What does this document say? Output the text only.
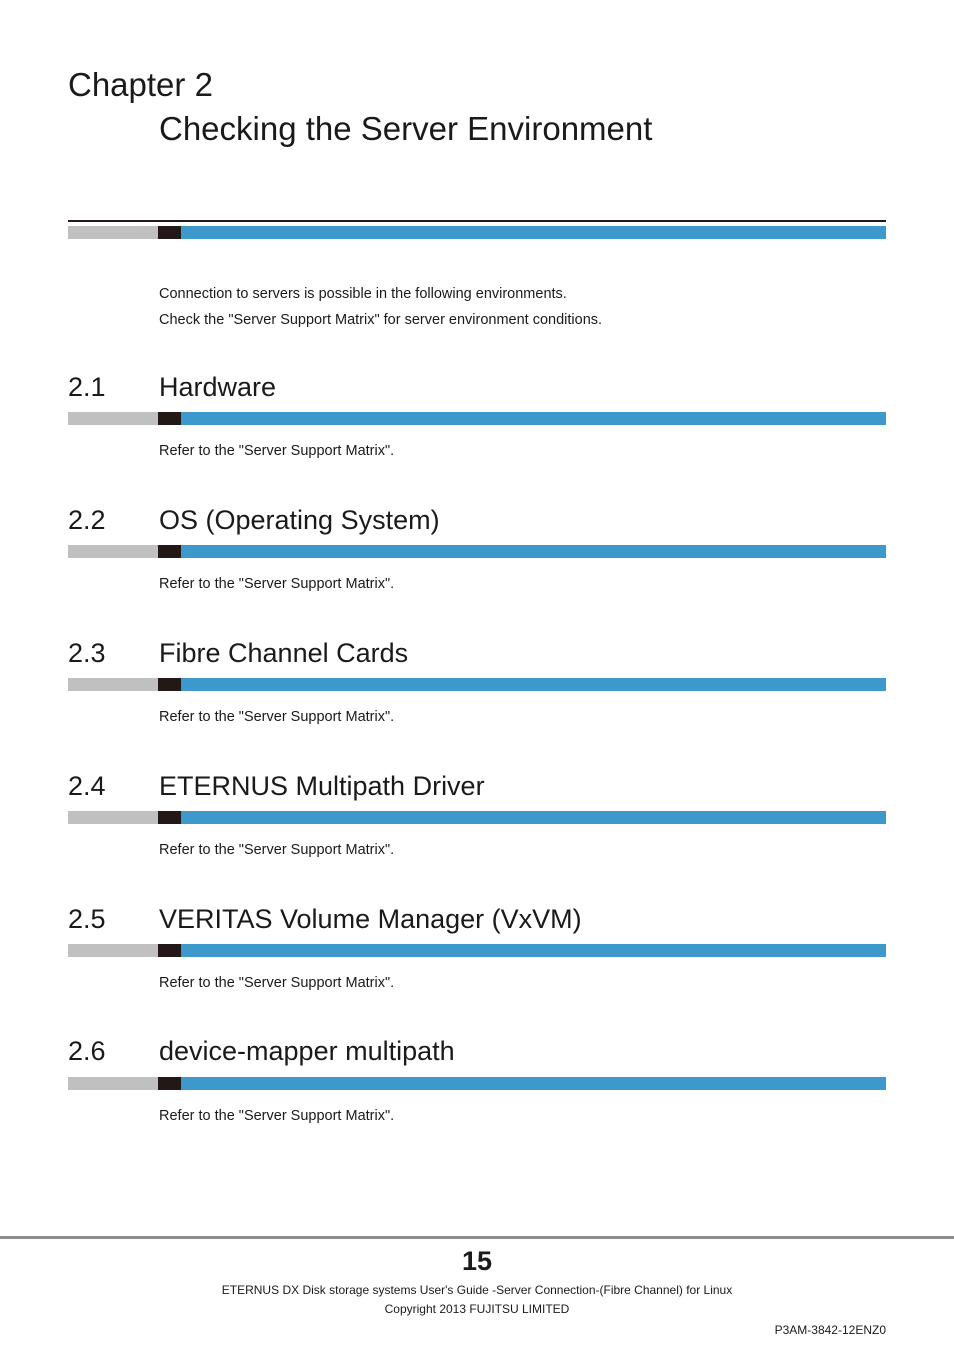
Chapter 2
Checking the Server Environment

Connection to servers is possible in the following environments.

Check the "Server Support Matrix" for server environment conditions.

2.1 Hardware
Refer to the "Server Support Matrix".
2.2 OS (Operating System)
Refer to the "Server Support Matrix".
2.3 Fibre Channel Cards
Refer to the "Server Support Matrix".
2.4 ETERNUS Multipath Driver
Refer to the "Server Support Matrix".
2.5 VERITAS Volume Manager (VxVM)
Refer to the "Server Support Matrix".
2.6 device-mapper multipath
Refer to the "Server Support Matrix".
15
ETERNUS DX Disk storage systems User's Guide -Server Connection-(Fibre Channel) for Linux
Copyright 2013 FUJITSU LIMITED
P3AM-3842-12ENZ0
